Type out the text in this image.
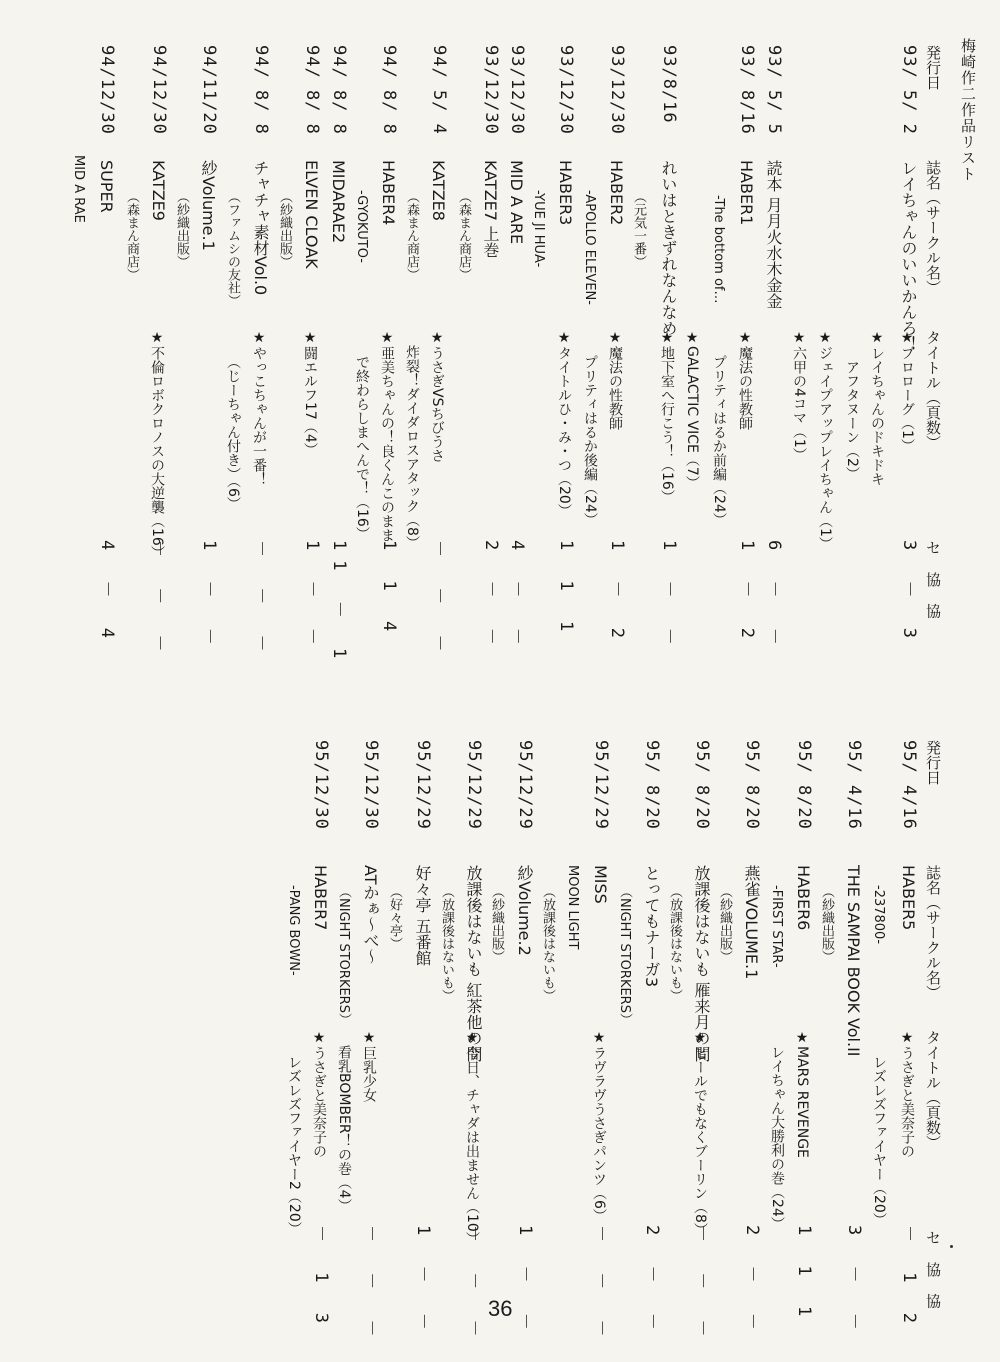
梅崎作二作品リスト
発行日
誌名（サークル名）
タイトル（頁数）
セ 協 協
発行日
誌名（サークル名）
タイトル（頁数）
セ 協 協
93/ 5/ 2
レイちゃんのいいかんろ！
★プロローグ（1）
3 － 3
★レイちゃんのドキドキ
アフタヌーン（2）
★ジェイプアップレイちゃん（1）
★六甲の4コマ（1）
93/ 5/ 5
読本 月月火水木金金
6 － －
93/ 8/16
HABER1
★魔法の性教師
1 － 2
-The bottom of…
プリティはるか前編（24）
★GALACTIC VICE（7）
93/8/16
れいはときずれなんなめ
★地下室へ行こう！（16）
1 － －
（元気一番）
93/12/30
HABER2
★魔法の性教師
1 － 2
-APOLLO ELEVEN-
プリティはるか後編（24）
93/12/30
HABER3
★タイトルひ・み・つ（20）
1 1 1
-YUE JI HUA-
93/12/30
MID A ARE
4 － －
93/12/30
KATZE7 上巻
2 － －
（森まん商店）
94/ 5/ 4
KATZE8
★うさぎVSちびうさ
－ － －
（森まん商店）
炸裂！ダイダロスアタック（8）
94/ 8/ 8
HABER4
★亜美ちゃんの！良くんこのまま
1 1 4
-GYOKUTO-
で終わらしまへんで！（16）
94/ 8/ 8
MIDARAE2
11 － 1
94/ 8/ 8
ELVEN CLOAK
★闘エルフ17（4）
1 － －
（紗織出版）
94/ 8/ 8
チャチャ素材Vol.0
★やっこちゃんが一番！
－ － －
（ファムシの友社）
（じーちゃん付き）（6）
94/11/20
紗Volume.1
1 － －
（紗織出版）
94/12/30
KATZE9
★不倫ロボクロノスの大逆襲（16）
－ － －
（森まん商店）
94/12/30
SUPER
4 － 4
MID A RAE
95/ 4/16
HABER5
★うさぎと美奈子の
－ 1 2
-237800-
レズレズファイヤー（20）
95/ 4/16
THE SAMPAI BOOK Vol.II
3 － －
（紗織出版）
95/ 8/20
HABER6
★MARS REVENGE
1 1 1
-FIRST STAR-
レイちゃん大勝利の巻（24）
95/ 8/20
燕雀VOLUME.1
2 － －
（紗織出版）
95/ 8/20
放課後はないも 雁来月の間
★ヒールでもなくブーリン（8）
－ － －
（放課後はないも）
95/ 8/20
とってもナーガ3
2 － －
（NIGHT STORKERS）
95/12/29
MISS
★ラヴラヴうさぎパンツ（6）
－ － －
MOON LIGHT
（放課後はないも）
95/12/29
紗Volume.2
1 － －
（紗織出版）
95/12/29
放課後はないも 紅茶他の間
★今日、チャダは出ません（10）
－ － －
（放課後はないも）
95/12/29
好々亭 五番館
1 － －
（好々亭）
95/12/30
ATかぁ～べ～
★巨乳少女
－ － －
（NIGHT STORKERS）
看乳BOMBER！の巻（4）
95/12/30
HABER7
★うさぎと美奈子の
－ 1 3
-PANG BOWN-
レズレズファイヤー2（20）
36
